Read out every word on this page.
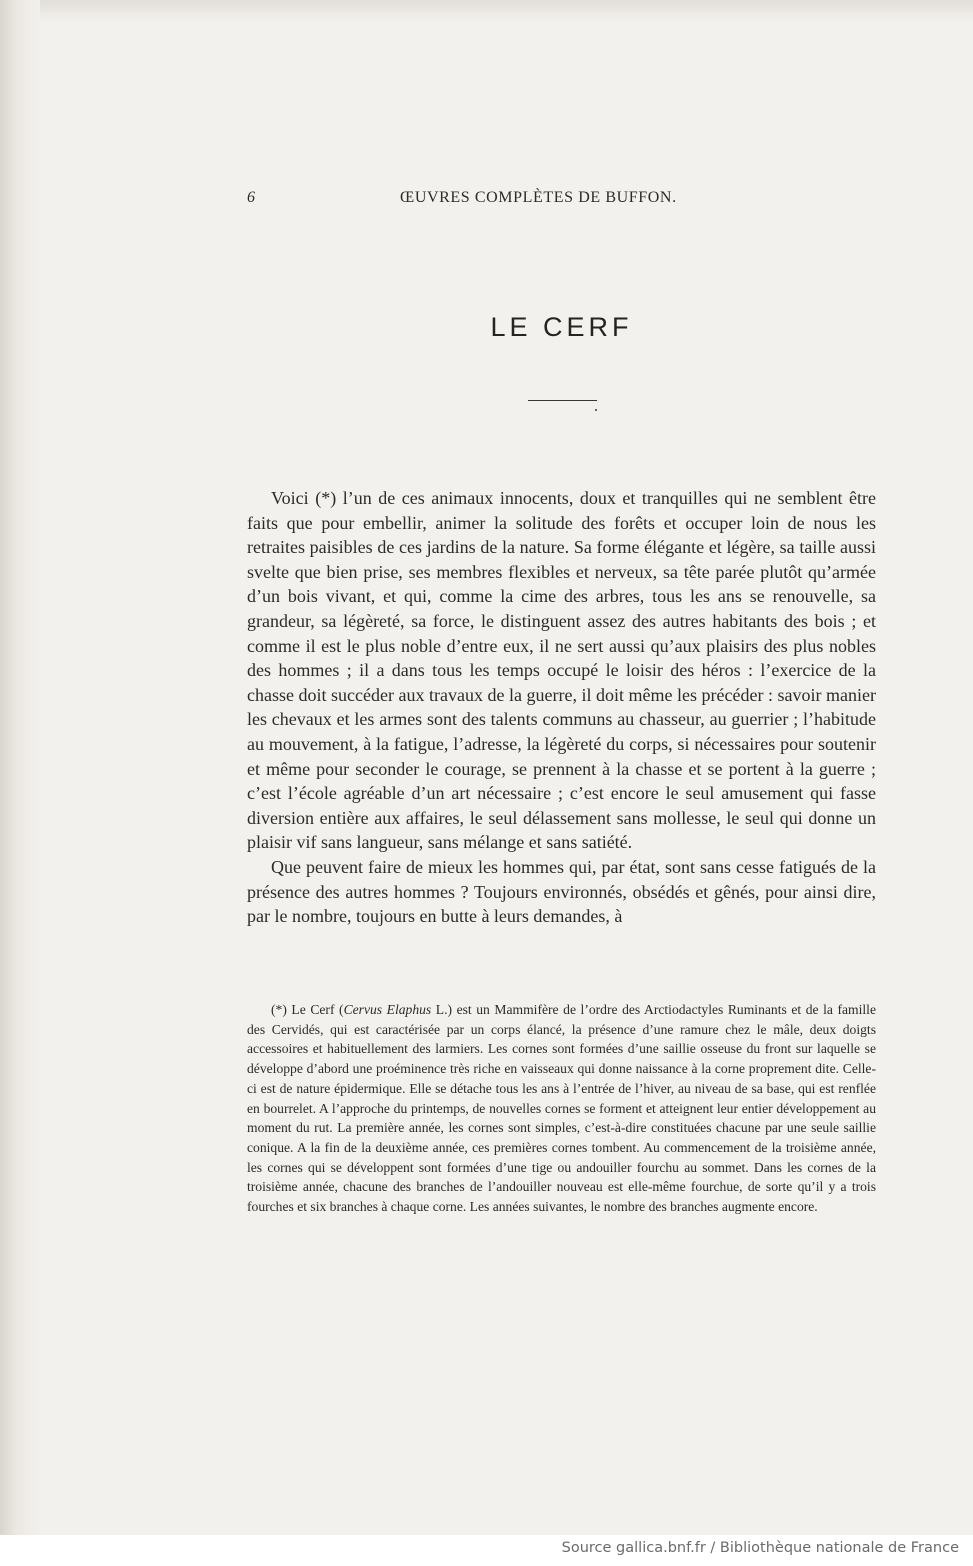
6	ŒUVRES COMPLÈTES DE BUFFON.
LE CERF

Voici (*) l’un de ces animaux innocents, doux et tranquilles qui ne semblent être faits que pour embellir, animer la solitude des forêts et occuper loin de nous les retraites paisibles de ces jardins de la nature. Sa forme élégante et légère, sa taille aussi svelte que bien prise, ses membres flexibles et nerveux, sa tête parée plutôt qu’armée d’un bois vivant, et qui, comme la cime des arbres, tous les ans se renouvelle, sa grandeur, sa légèreté, sa force, le distinguent assez des autres habitants des bois ; et comme il est le plus noble d’entre eux, il ne sert aussi qu’aux plaisirs des plus nobles des hommes ; il a dans tous les temps occupé le loisir des héros : l’exercice de la chasse doit succéder aux travaux de la guerre, il doit même les précéder : savoir manier les chevaux et les armes sont des talents communs au chasseur, au guerrier ; l’habitude au mouvement, à la fatigue, l’adresse, la légèreté du corps, si nécessaires pour soutenir et même pour seconder le courage, se prennent à la chasse et se portent à la guerre ; c’est l’école agréable d’un art nécessaire ; c’est encore le seul amusement qui fasse diversion entière aux affaires, le seul délassement sans mollesse, le seul qui donne un plaisir vif sans langueur, sans mélange et sans satiété.

Que peuvent faire de mieux les hommes qui, par état, sont sans cesse fatigués de la présence des autres hommes ? Toujours environnés, obsédés et gênés, pour ainsi dire, par le nombre, toujours en butte à leurs demandes, à

(*) Le Cerf (Cervus Elaphus L.) est un Mammifère de l’ordre des Arctiodactyles Ruminants et de la famille des Cervidés, qui est caractérisée par un corps élancé, la présence d’une ramure chez le mâle, deux doigts accessoires et habituellement des larmiers. Les cornes sont formées d’une saillie osseuse du front sur laquelle se développe d’abord une proéminence très riche en vaisseaux qui donne naissance à la corne proprement dite. Celle-ci est de nature épidermique. Elle se détache tous les ans à l’entrée de l’hiver, au niveau de sa base, qui est renflée en bourrelet. A l’approche du printemps, de nouvelles cornes se forment et atteignent leur entier développement au moment du rut. La première année, les cornes sont simples, c’est-à-dire constituées chacune par une seule saillie conique. A la fin de la deuxième année, ces premières cornes tombent. Au commencement de la troisième année, les cornes qui se développent sont formées d’une tige ou andouiller fourchu au sommet. Dans les cornes de la troisième année, chacune des branches de l’andouiller nouveau est elle-même fourchue, de sorte qu’il y a trois fourches et six branches à chaque corne. Les années suivantes, le nombre des branches augmente encore.

Source gallica.bnf.fr / Bibliothèque nationale de France
